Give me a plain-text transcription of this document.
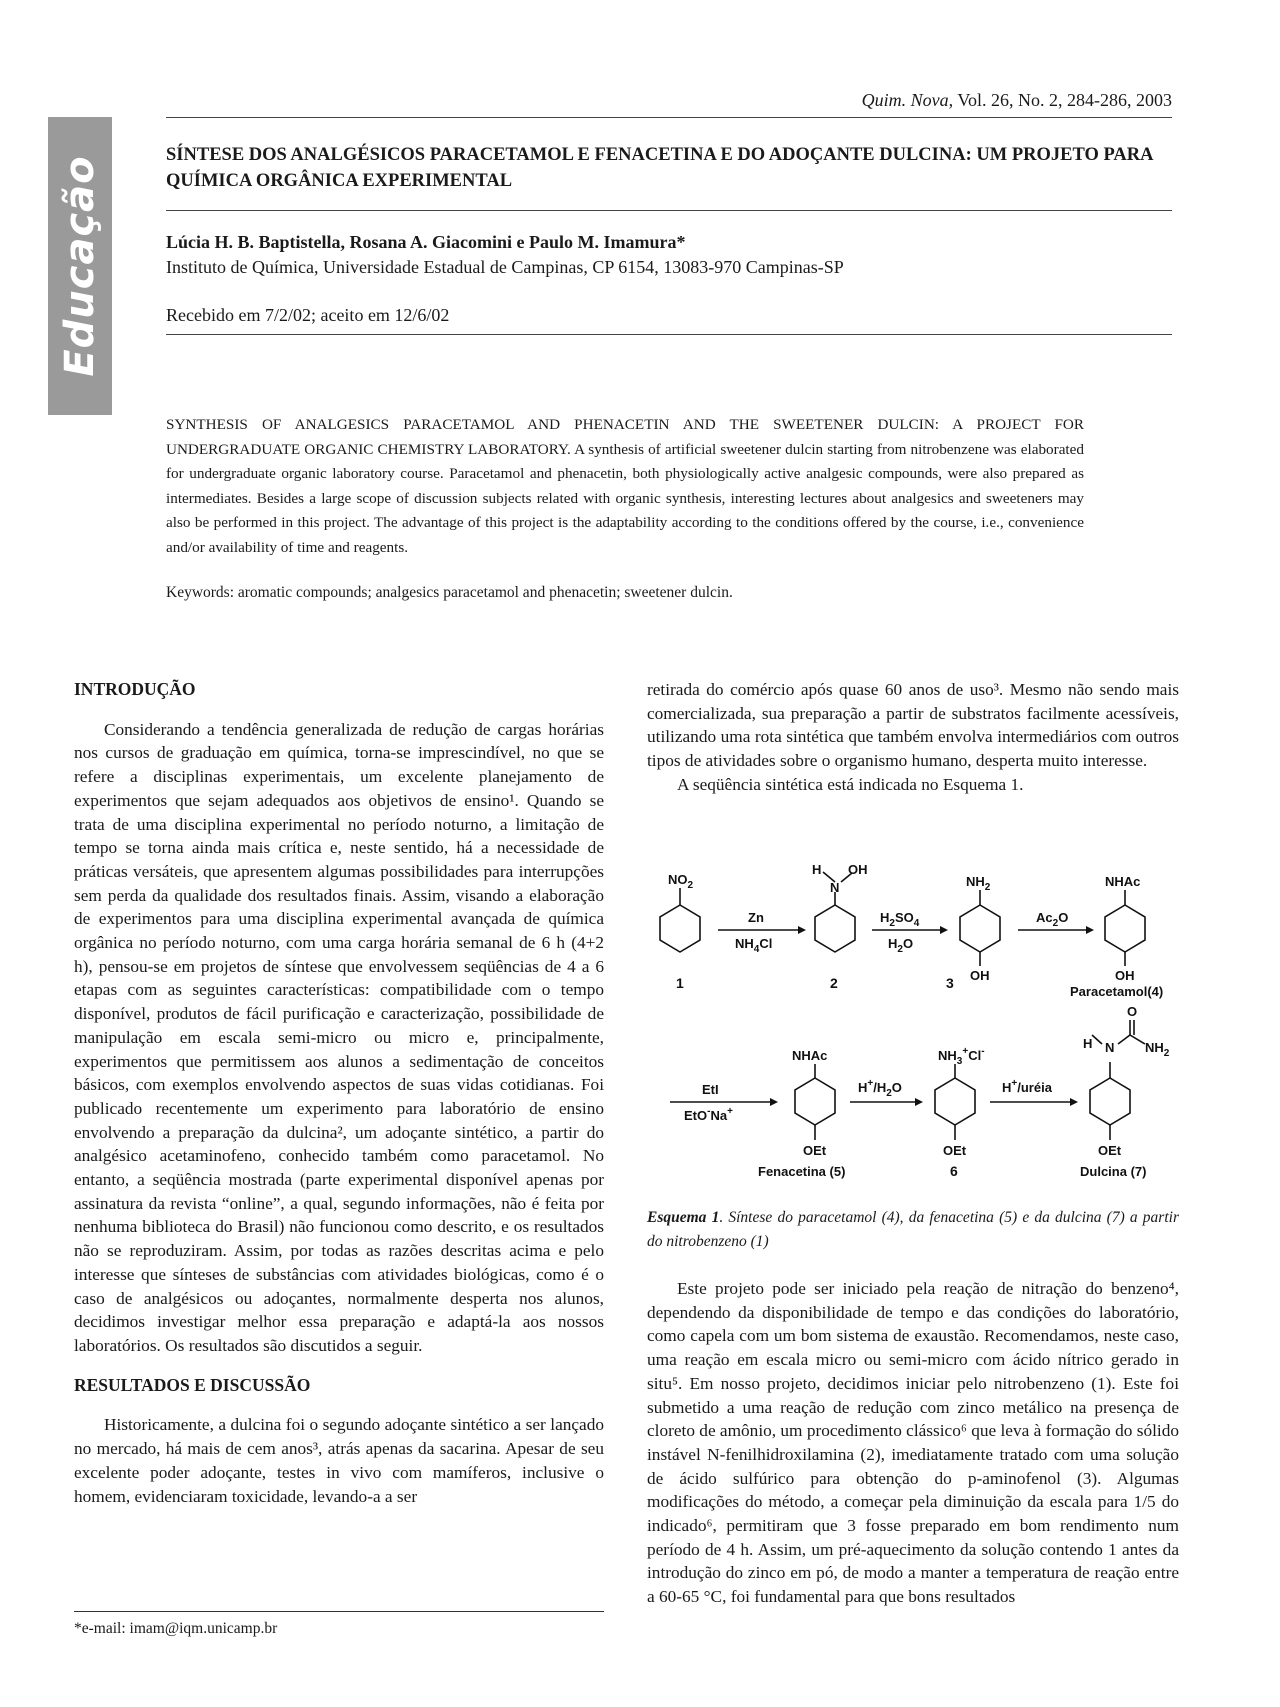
Educação
Quim. Nova, Vol. 26, No. 2, 284-286, 2003
SÍNTESE DOS ANALGÉSICOS PARACETAMOL E FENACETINA E DO ADOÇANTE DULCINA: UM PROJETO PARA QUÍMICA ORGÂNICA EXPERIMENTAL
Lúcia H. B. Baptistella, Rosana A. Giacomini e Paulo M. Imamura*
Instituto de Química, Universidade Estadual de Campinas, CP 6154, 13083-970 Campinas-SP
Recebido em 7/2/02; aceito em 12/6/02
SYNTHESIS OF ANALGESICS PARACETAMOL AND PHENACETIN AND THE SWEETENER DULCIN: A PROJECT FOR UNDERGRADUATE ORGANIC CHEMISTRY LABORATORY. A synthesis of artificial sweetener dulcin starting from nitrobenzene was elaborated for undergraduate organic laboratory course. Paracetamol and phenacetin, both physiologically active analgesic compounds, were also prepared as intermediates. Besides a large scope of discussion subjects related with organic synthesis, interesting lectures about analgesics and sweeteners may also be performed in this project. The advantage of this project is the adaptability according to the conditions offered by the course, i.e., convenience and/or availability of time and reagents.
Keywords: aromatic compounds; analgesics paracetamol and phenacetin; sweetener dulcin.
INTRODUÇÃO

Considerando a tendência generalizada de redução de cargas horárias nos cursos de graduação em química, torna-se imprescindível, no que se refere a disciplinas experimentais, um excelente planejamento de experimentos que sejam adequados aos objetivos de ensino¹. Quando se trata de uma disciplina experimental no período noturno, a limitação de tempo se torna ainda mais crítica e, neste sentido, há a necessidade de práticas versáteis, que apresentem algumas possibilidades para interrupções sem perda da qualidade dos resultados finais. Assim, visando a elaboração de experimentos para uma disciplina experimental avançada de química orgânica no período noturno, com uma carga horária semanal de 6 h (4+2 h), pensou-se em projetos de síntese que envolvessem seqüências de 4 a 6 etapas com as seguintes características: compatibilidade com o tempo disponível, produtos de fácil purificação e caracterização, possibilidade de manipulação em escala semi-micro ou micro e, principalmente, experimentos que permitissem aos alunos a sedimentação de conceitos básicos, com exemplos envolvendo aspectos de suas vidas cotidianas. Foi publicado recentemente um experimento para laboratório de ensino envolvendo a preparação da dulcina², um adoçante sintético, a partir do analgésico acetaminofeno, conhecido também como paracetamol. No entanto, a seqüência mostrada (parte experimental disponível apenas por assinatura da revista “online”, a qual, segundo informações, não é feita por nenhuma biblioteca do Brasil) não funcionou como descrito, e os resultados não se reproduziram. Assim, por todas as razões descritas acima e pelo interesse que sínteses de substâncias com atividades biológicas, como é o caso de analgésicos ou adoçantes, normalmente desperta nos alunos, decidimos investigar melhor essa preparação e adaptá-la aos nossos laboratórios. Os resultados são discutidos a seguir.

RESULTADOS E DISCUSSÃO

Historicamente, a dulcina foi o segundo adoçante sintético a ser lançado no mercado, há mais de cem anos³, atrás apenas da sacarina. Apesar de seu excelente poder adoçante, testes in vivo com mamíferos, inclusive o homem, evidenciaram toxicidade, levando-a a ser

retirada do comércio após quase 60 anos de uso³. Mesmo não sendo mais comercializada, sua preparação a partir de substratos facilmente acessíveis, utilizando uma rota sintética que também envolva intermediários com outros tipos de atividades sobre o organismo humano, desperta muito interesse.

A seqüência sintética está indicada no Esquema 1.

$NO_2$
H OH
N	$NH_2$
OH
NHAc
OH
Zn
$NH_4Cl$
$H_2SO_4$
$H_2O$
$Ac_2O$
1	2	3
Paracetamol(4)
NHAc
OEt
$NH_3^+Cl^-$
OEt
H N
O
$NH_2$
OEt
EtI
EtO-Na+
$H^+/H_2O$	H+/uréia
Fenacetina (5)	6	Dulcina (7)
Esquema 1. Síntese do paracetamol (4), da fenacetina (5) e da dulcina (7) a partir do nitrobenzeno (1)

Este projeto pode ser iniciado pela reação de nitração do benzeno⁴, dependendo da disponibilidade de tempo e das condições do laboratório, como capela com um bom sistema de exaustão. Recomendamos, neste caso, uma reação em escala micro ou semi-micro com ácido nítrico gerado in situ⁵. Em nosso projeto, decidimos iniciar pelo nitrobenzeno (1). Este foi submetido a uma reação de redução com zinco metálico na presença de cloreto de amônio, um procedimento clássico⁶ que leva à formação do sólido instável N-fenilhidroxilamina (2), imediatamente tratado com uma solução de ácido sulfúrico para obtenção do p-aminofenol (3). Algumas modificações do método, a começar pela diminuição da escala para 1/5 do indicado⁶, permitiram que 3 fosse preparado em bom rendimento num período de 4 h. Assim, um pré-aquecimento da solução contendo 1 antes da introdução do zinco em pó, de modo a manter a temperatura de reação entre a 60-65 °C, foi fundamental para que bons resultados

*e-mail: imam@iqm.unicamp.br
